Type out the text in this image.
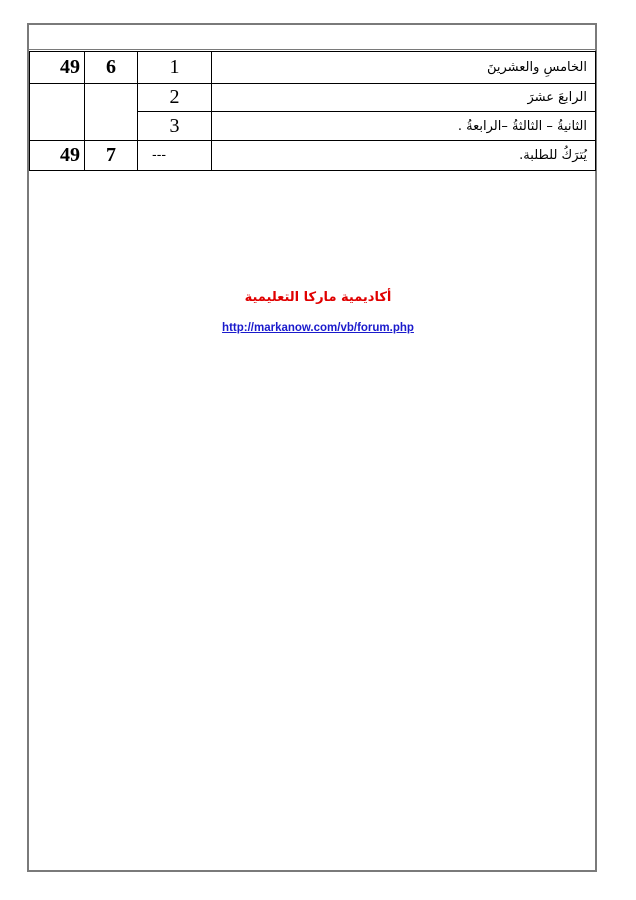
49	6	1	الخامسِ والعشرينَ
		2	الرابعَ عشرَ
		3	الثانيةُ – الثالثةُ –الرابعةُ .
49	7	---	يُترَكُ للطلبة.
أكاديمية ماركا التعليمية
http://markanow.com/vb/forum.php
